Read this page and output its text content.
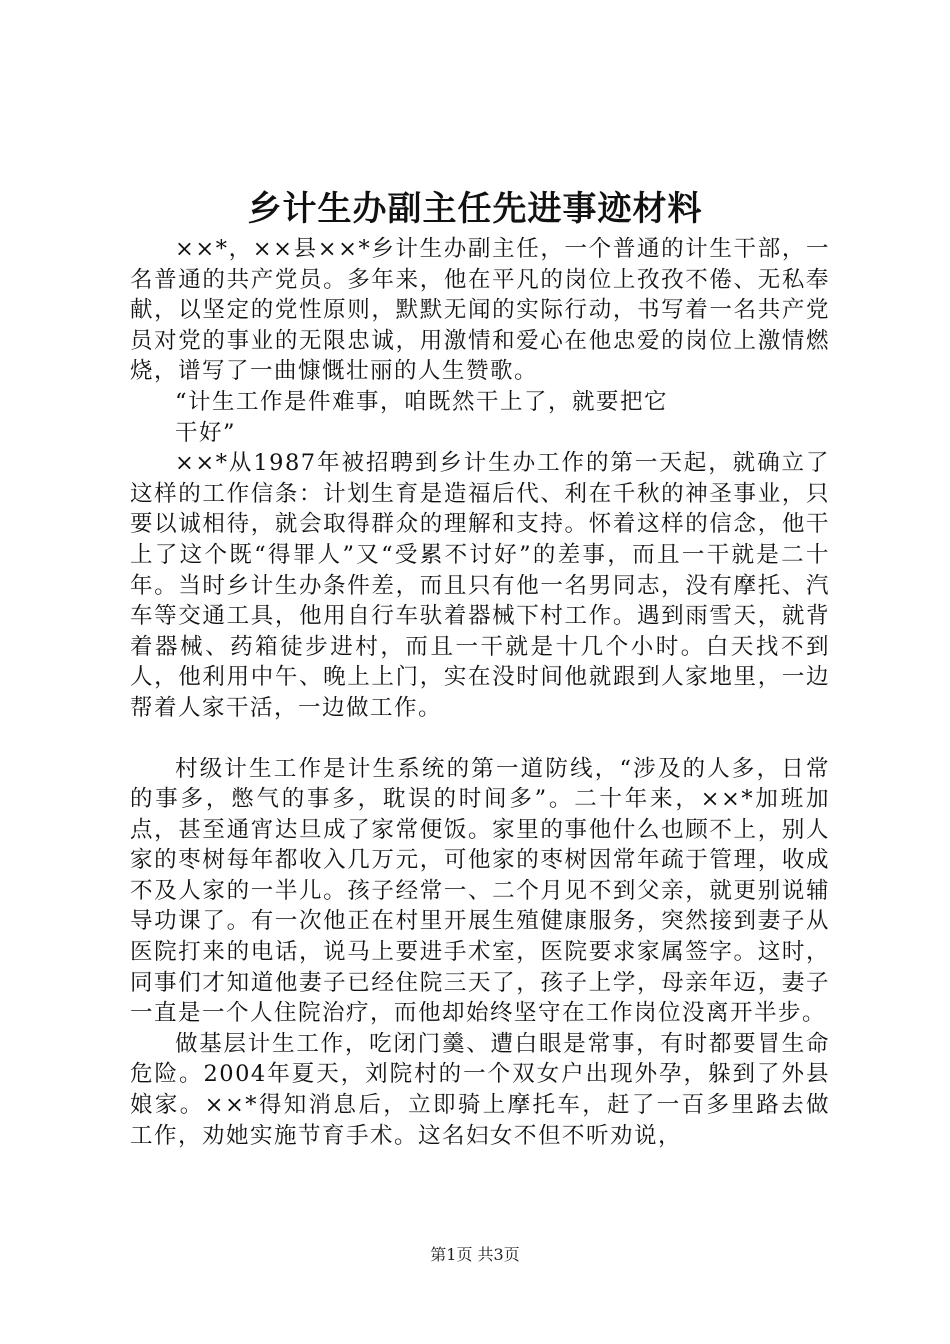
乡计生办副主任先进事迹材料

××*，××县××*乡计生办副主任，一个普通的计生干部，一名普通的共产党员。多年来，他在平凡的岗位上孜孜不倦、无私奉献，以坚定的党性原则，默默无闻的实际行动，书写着一名共产党员对党的事业的无限忠诚，用激情和爱心在他忠爱的岗位上激情燃烧，谱写了一曲慷慨壮丽的人生赞歌。

“计生工作是件难事，咱既然干上了，就要把它

干好”

××*从1987年被招聘到乡计生办工作的第一天起，就确立了这样的工作信条：计划生育是造福后代、利在千秋的神圣事业，只要以诚相待，就会取得群众的理解和支持。怀着这样的信念，他干上了这个既“得罪人”又“受累不讨好”的差事，而且一干就是二十年。当时乡计生办条件差，而且只有他一名男同志，没有摩托、汽车等交通工具，他用自行车驮着器械下村工作。遇到雨雪天，就背着器械、药箱徒步进村，而且一干就是十几个小时。白天找不到人，他利用中午、晚上上门，实在没时间他就跟到人家地里，一边帮着人家干活，一边做工作。

村级计生工作是计生系统的第一道防线，“涉及的人多，日常的事多，憋气的事多，耽误的时间多”。二十年来，××*加班加点，甚至通宵达旦成了家常便饭。家里的事他什么也顾不上，别人家的枣树每年都收入几万元，可他家的枣树因常年疏于管理，收成不及人家的一半儿。孩子经常一、二个月见不到父亲，就更别说辅导功课了。有一次他正在村里开展生殖健康服务，突然接到妻子从医院打来的电话，说马上要进手术室，医院要求家属签字。这时，同事们才知道他妻子已经住院三天了，孩子上学，母亲年迈，妻子一直是一个人住院治疗，而他却始终坚守在工作岗位没离开半步。

做基层计生工作，吃闭门羹、遭白眼是常事，有时都要冒生命危险。2004年夏天，刘院村的一个双女户出现外孕，躲到了外县娘家。××*得知消息后，立即骑上摩托车，赶了一百多里路去做工作，劝她实施节育手术。这名妇女不但不听劝说，

第1页 共3页
